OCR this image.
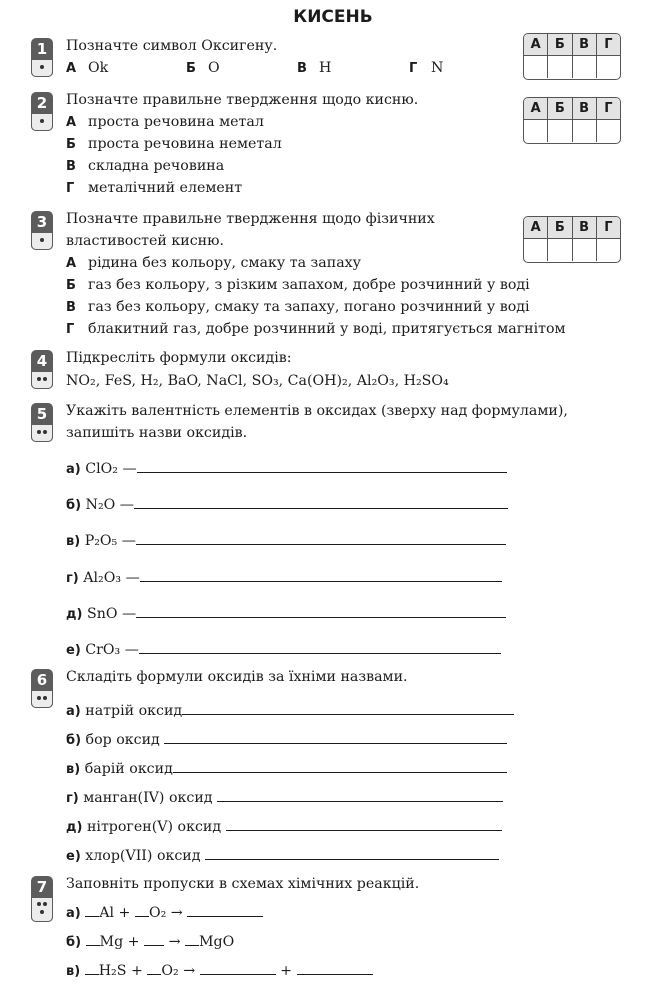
КИСЕНЬ
1	Позначте символ Оксигену.
А Ok	Б O	В H	Г N
А	Б	В	Г
2	Позначте правильне твердження щодо кисню.
А проста речовина метал
Б проста речовина неметал
В складна речовина
Г металічний елемент
А	Б	В	Г
3	Позначте правильне твердження щодо фізичних
властивостей кисню.
А рідина без кольору, смаку та запаху
Б газ без кольору, з різким запахом, добре розчинний у воді
В газ без кольору, смаку та запаху, погано розчинний у воді
Г блакитний газ, добре розчинний у воді, притягується магнітом
А	Б	В	Г
4	Підкресліть формули оксидів:
NO₂, FeS, H₂, BaO, NaCl, SO₃, Ca(OH)₂, Al₂O₃, H₂SO₄
5	Укажіть валентність елементів в оксидах (зверху над формулами),
запишіть назви оксидів.
а) ClO₂ —
б) N₂O —
в) P₂O₅ —
г) Al₂O₃ —
д) SnO —
е) CrO₃ —
6	Складіть формули оксидів за їхніми назвами.
а) натрій оксид
б) бор оксид
в) барій оксид
г) манган(IV) оксид
д) нітроген(V) оксид
е) хлор(VII) оксид
7	Заповніть пропуски в схемах хімічних реакцій.
а) Al + O₂ →
б) Mg + → MgO
в) H₂S + O₂ →	+
